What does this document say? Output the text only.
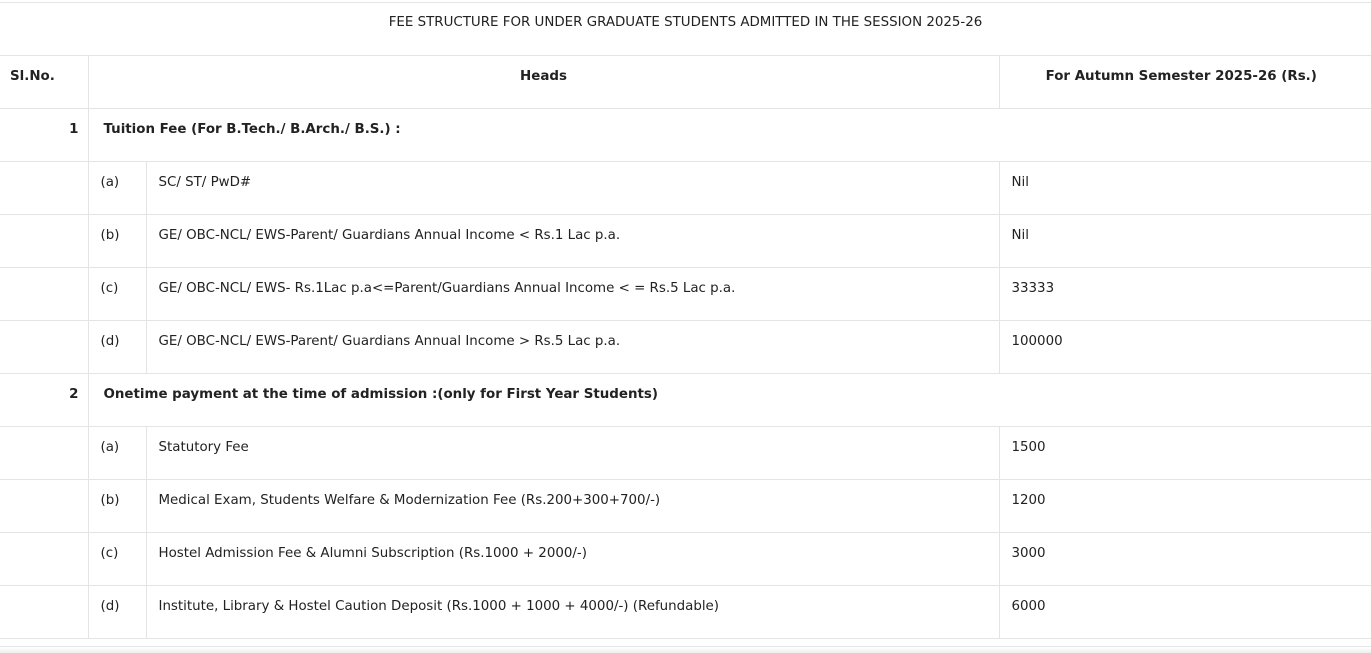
FEE STRUCTURE FOR UNDER GRADUATE STUDENTS ADMITTED IN THE SESSION 2025-26			

Sl.No.	Heads		For Autumn Semester 2025-26 (Rs.)

1	Tuition Fee (For B.Tech./ B.Arch./ B.S.) :		

	(a)	SC/ ST/ PwD#	Nil

	(b)	GE/ OBC-NCL/ EWS-Parent/ Guardians Annual Income < Rs.1 Lac p.a.	Nil

	(c)	GE/ OBC-NCL/ EWS- Rs.1Lac p.a<=Parent/Guardians Annual Income < = Rs.5 Lac p.a.	33333

	(d)	GE/ OBC-NCL/ EWS-Parent/ Guardians Annual Income > Rs.5 Lac p.a.	100000

2	Onetime payment at the time of admission :(only for First Year Students)		

	(a)	Statutory Fee	1500

	(b)	Medical Exam, Students Welfare & Modernization Fee (Rs.200+300+700/-)	1200

	(c)	Hostel Admission Fee & Alumni Subscription (Rs.1000 + 2000/-)	3000

	(d)	Institute, Library & Hostel Caution Deposit (Rs.1000 + 1000 + 4000/-) (Refundable)	6000
